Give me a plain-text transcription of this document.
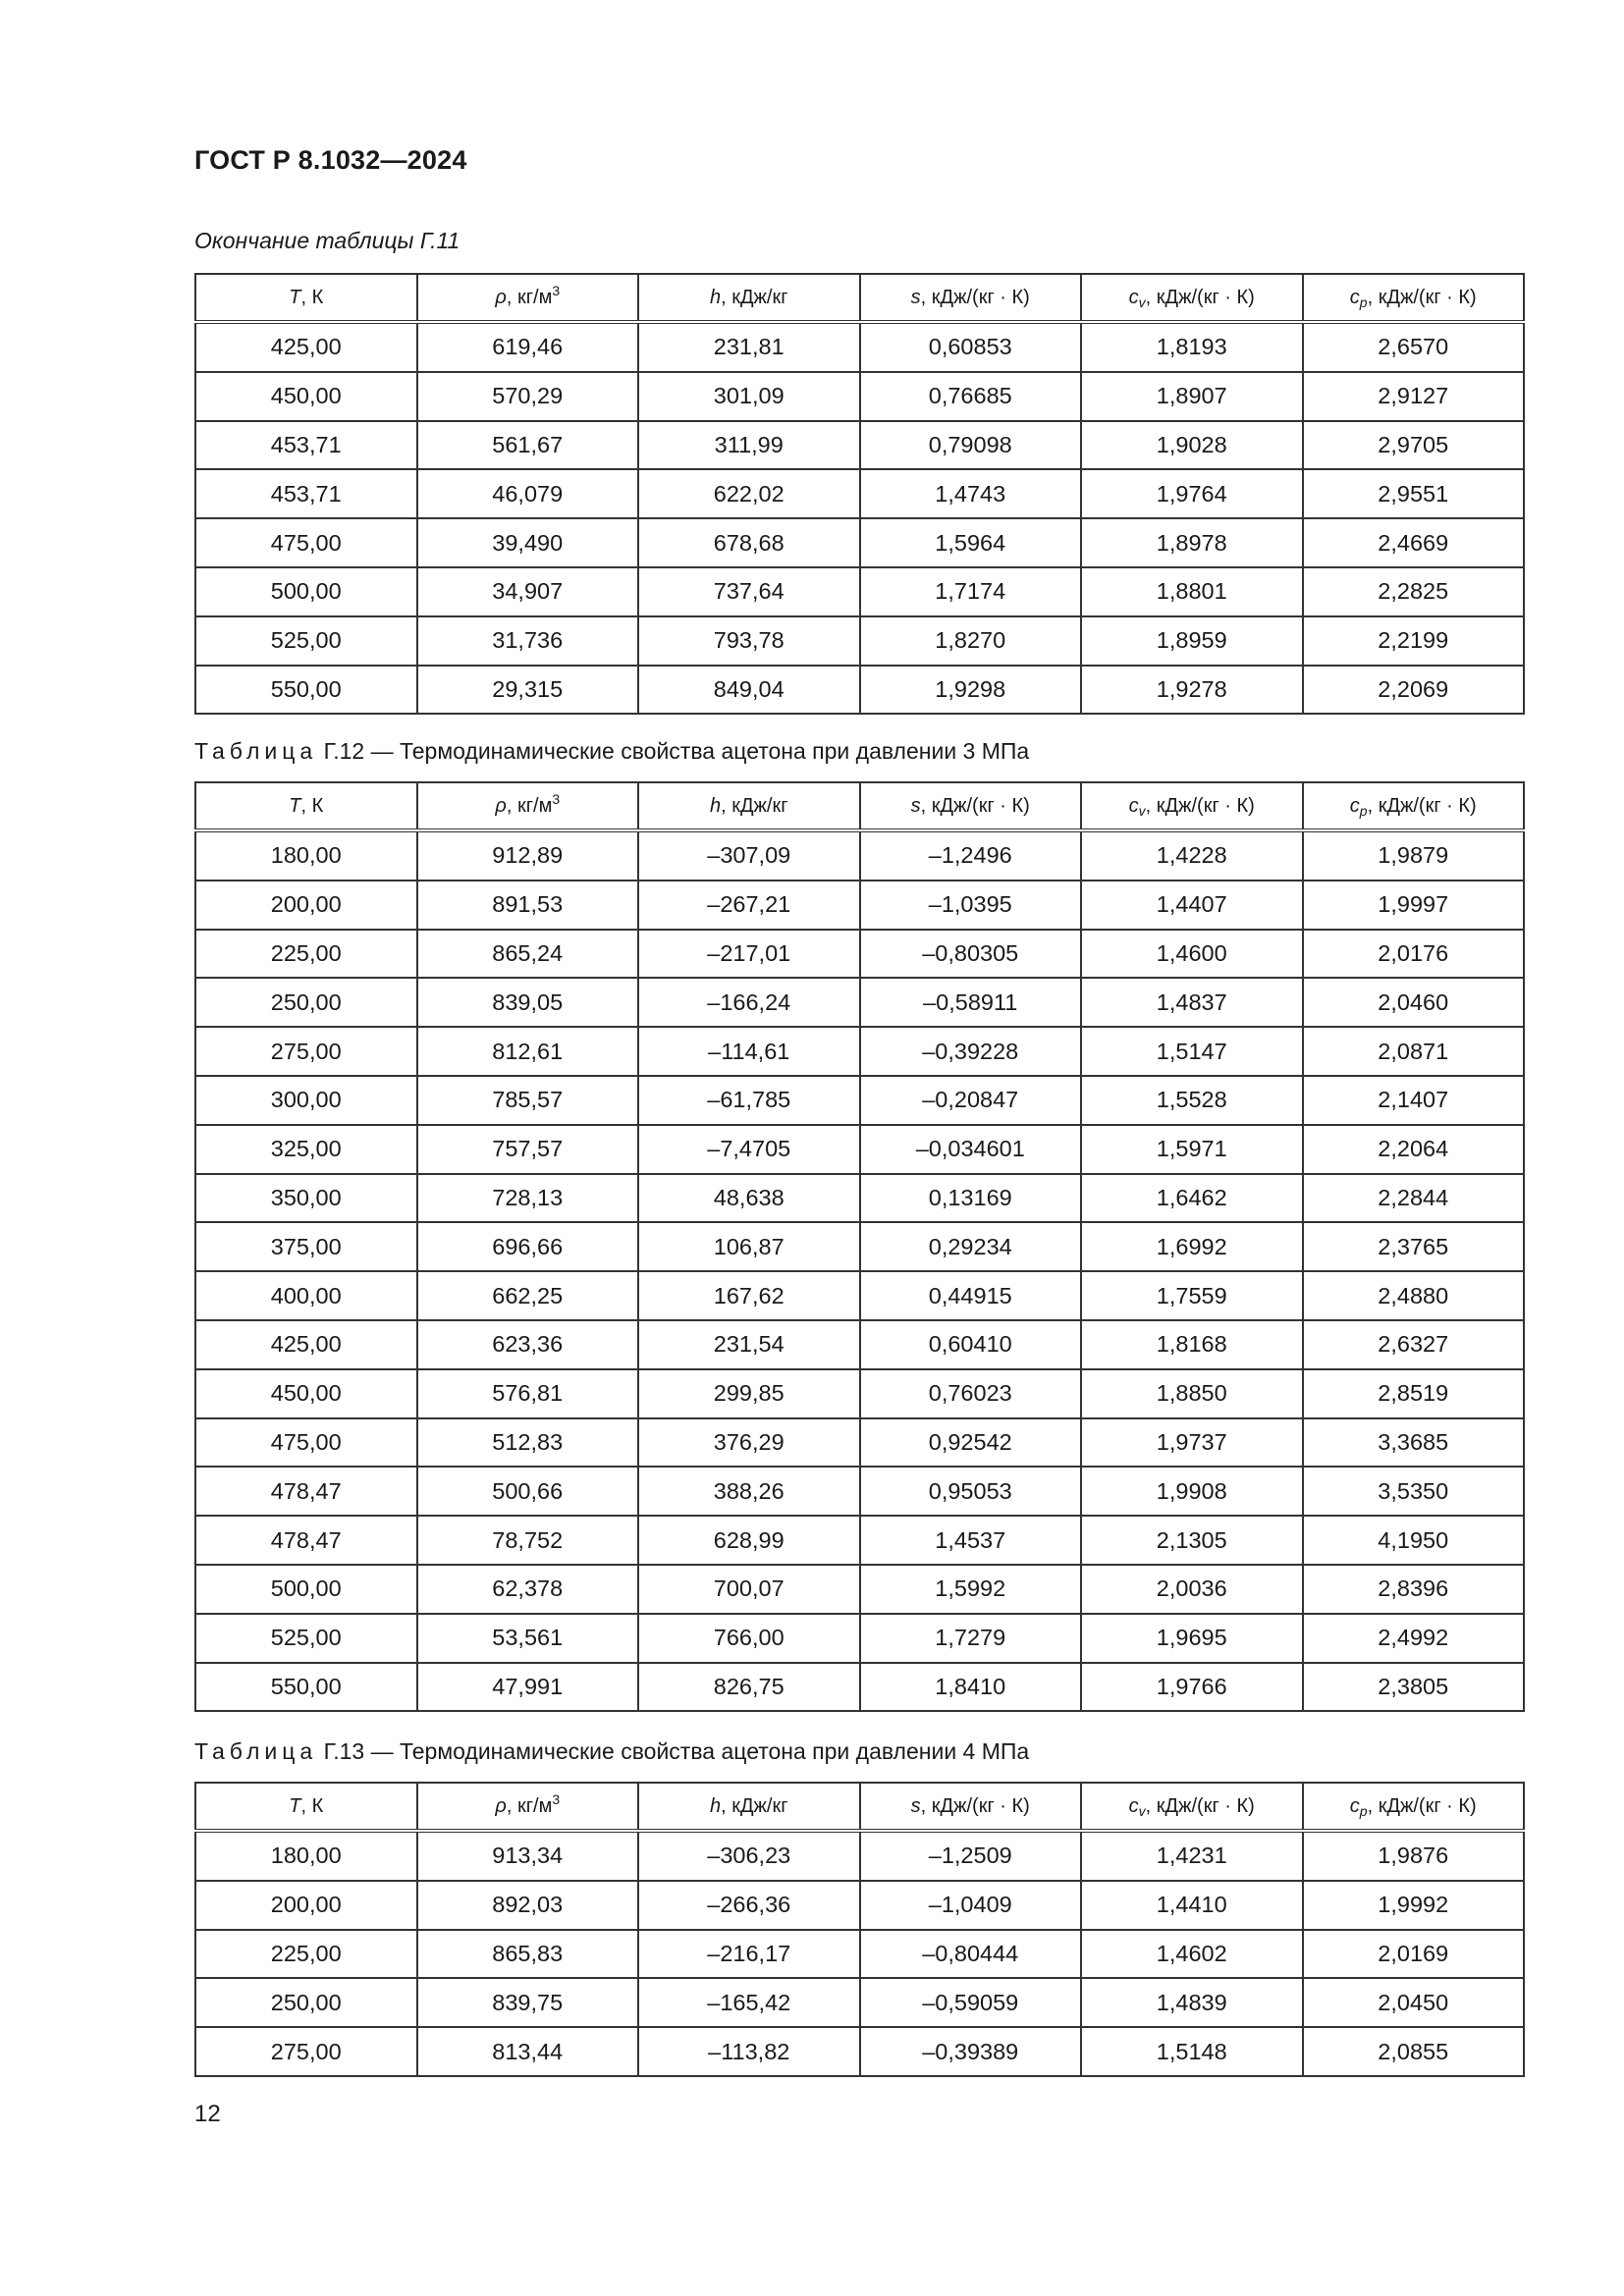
ГОСТ Р 8.1032—2024
Окончание таблицы Г.11
T, К	ρ, $кг/м^3$	h, кДж/кг	s, кДж/(кг · К)	$c_v$, кДж/(кг · К)	$c_p$, кДж/(кг · К)
425,00	619,46	231,81	0,60853	1,8193	2,6570
450,00	570,29	301,09	0,76685	1,8907	2,9127
453,71	561,67	311,99	0,79098	1,9028	2,9705
453,71	46,079	622,02	1,4743	1,9764	2,9551
475,00	39,490	678,68	1,5964	1,8978	2,4669
500,00	34,907	737,64	1,7174	1,8801	2,2825
525,00	31,736	793,78	1,8270	1,8959	2,2199
550,00	29,315	849,04	1,9298	1,9278	2,2069
Таблица Г.12 — Термодинамические свойства ацетона при давлении 3 МПа
T, К	ρ, $кг/м^3$	h, кДж/кг	s, кДж/(кг · К)	$c_v$, кДж/(кг · К)	$c_p$, кДж/(кг · К)
180,00	912,89	–307,09	–1,2496	1,4228	1,9879
200,00	891,53	–267,21	–1,0395	1,4407	1,9997
225,00	865,24	–217,01	–0,80305	1,4600	2,0176
250,00	839,05	–166,24	–0,58911	1,4837	2,0460
275,00	812,61	–114,61	–0,39228	1,5147	2,0871
300,00	785,57	–61,785	–0,20847	1,5528	2,1407
325,00	757,57	–7,4705	–0,034601	1,5971	2,2064
350,00	728,13	48,638	0,13169	1,6462	2,2844
375,00	696,66	106,87	0,29234	1,6992	2,3765
400,00	662,25	167,62	0,44915	1,7559	2,4880
425,00	623,36	231,54	0,60410	1,8168	2,6327
450,00	576,81	299,85	0,76023	1,8850	2,8519
475,00	512,83	376,29	0,92542	1,9737	3,3685
478,47	500,66	388,26	0,95053	1,9908	3,5350
478,47	78,752	628,99	1,4537	2,1305	4,1950
500,00	62,378	700,07	1,5992	2,0036	2,8396
525,00	53,561	766,00	1,7279	1,9695	2,4992
550,00	47,991	826,75	1,8410	1,9766	2,3805
Таблица Г.13 — Термодинамические свойства ацетона при давлении 4 МПа
T, К	ρ, $кг/м^3$	h, кДж/кг	s, кДж/(кг · К)	$c_v$, кДж/(кг · К)	$c_p$, кДж/(кг · К)
180,00	913,34	–306,23	–1,2509	1,4231	1,9876
200,00	892,03	–266,36	–1,0409	1,4410	1,9992
225,00	865,83	–216,17	–0,80444	1,4602	2,0169
250,00	839,75	–165,42	–0,59059	1,4839	2,0450
275,00	813,44	–113,82	–0,39389	1,5148	2,0855
12
